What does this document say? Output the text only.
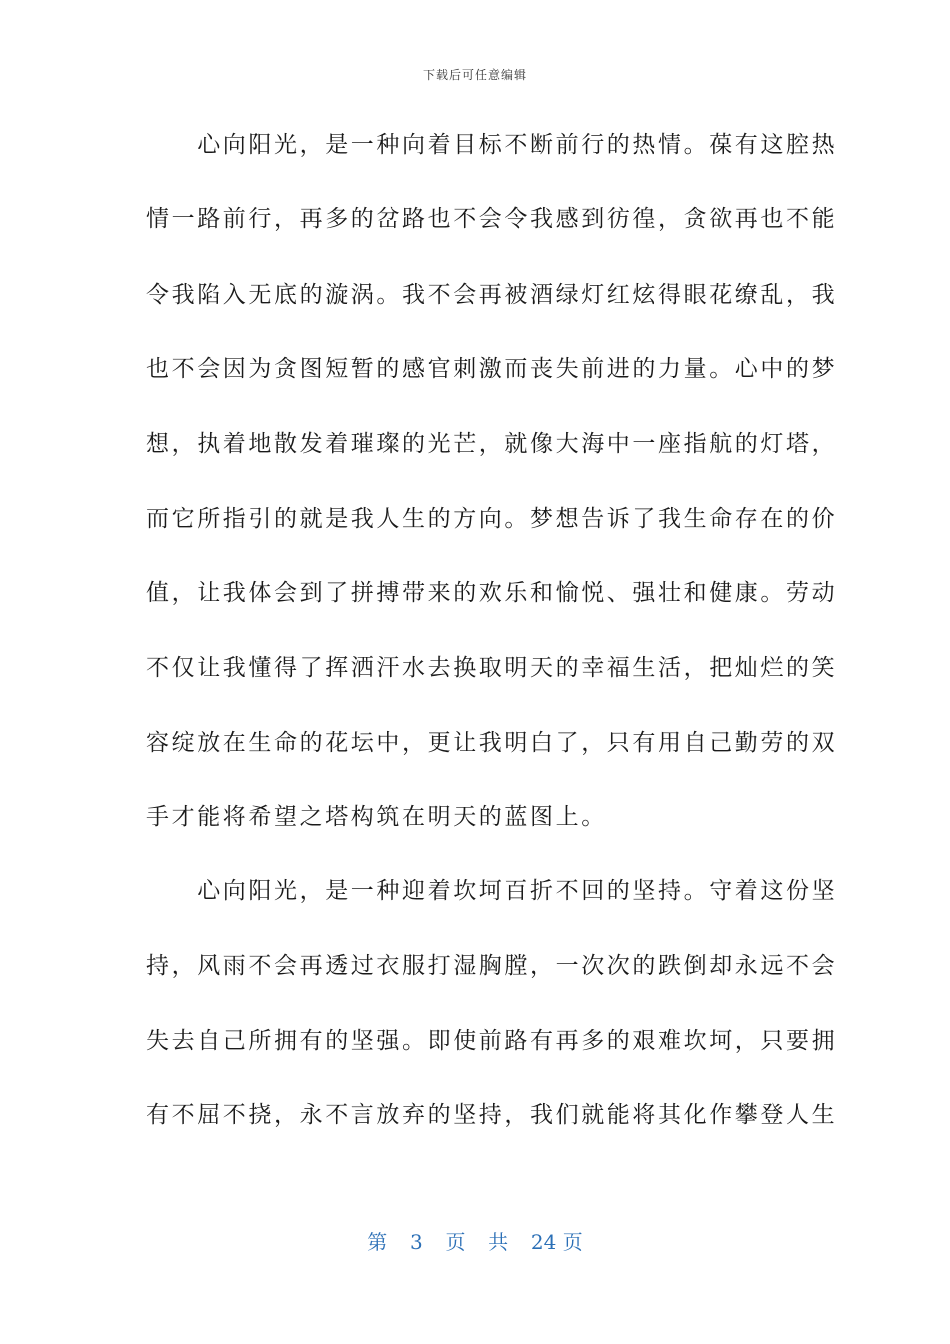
下载后可任意编辑
　　心向阳光，是一种向着目标不断前行的热情。葆有这腔热
情一路前行，再多的岔路也不会令我感到彷徨，贪欲再也不能
令我陷入无底的漩涡。我不会再被酒绿灯红炫得眼花缭乱，我
也不会因为贪图短暂的感官刺激而丧失前进的力量。心中的梦
想，执着地散发着璀璨的光芒，就像大海中一座指航的灯塔，
而它所指引的就是我人生的方向。梦想告诉了我生命存在的价
值，让我体会到了拼搏带来的欢乐和愉悦、强壮和健康。劳动
不仅让我懂得了挥洒汗水去换取明天的幸福生活，把灿烂的笑
容绽放在生命的花坛中，更让我明白了，只有用自己勤劳的双
手才能将希望之塔构筑在明天的蓝图上。
　　心向阳光，是一种迎着坎坷百折不回的坚持。守着这份坚
持，风雨不会再透过衣服打湿胸膛，一次次的跌倒却永远不会
失去自己所拥有的坚强。即使前路有再多的艰难坎坷，只要拥
有不屈不挠，永不言放弃的坚持，我们就能将其化作攀登人生
第 3 页 共 24 页
